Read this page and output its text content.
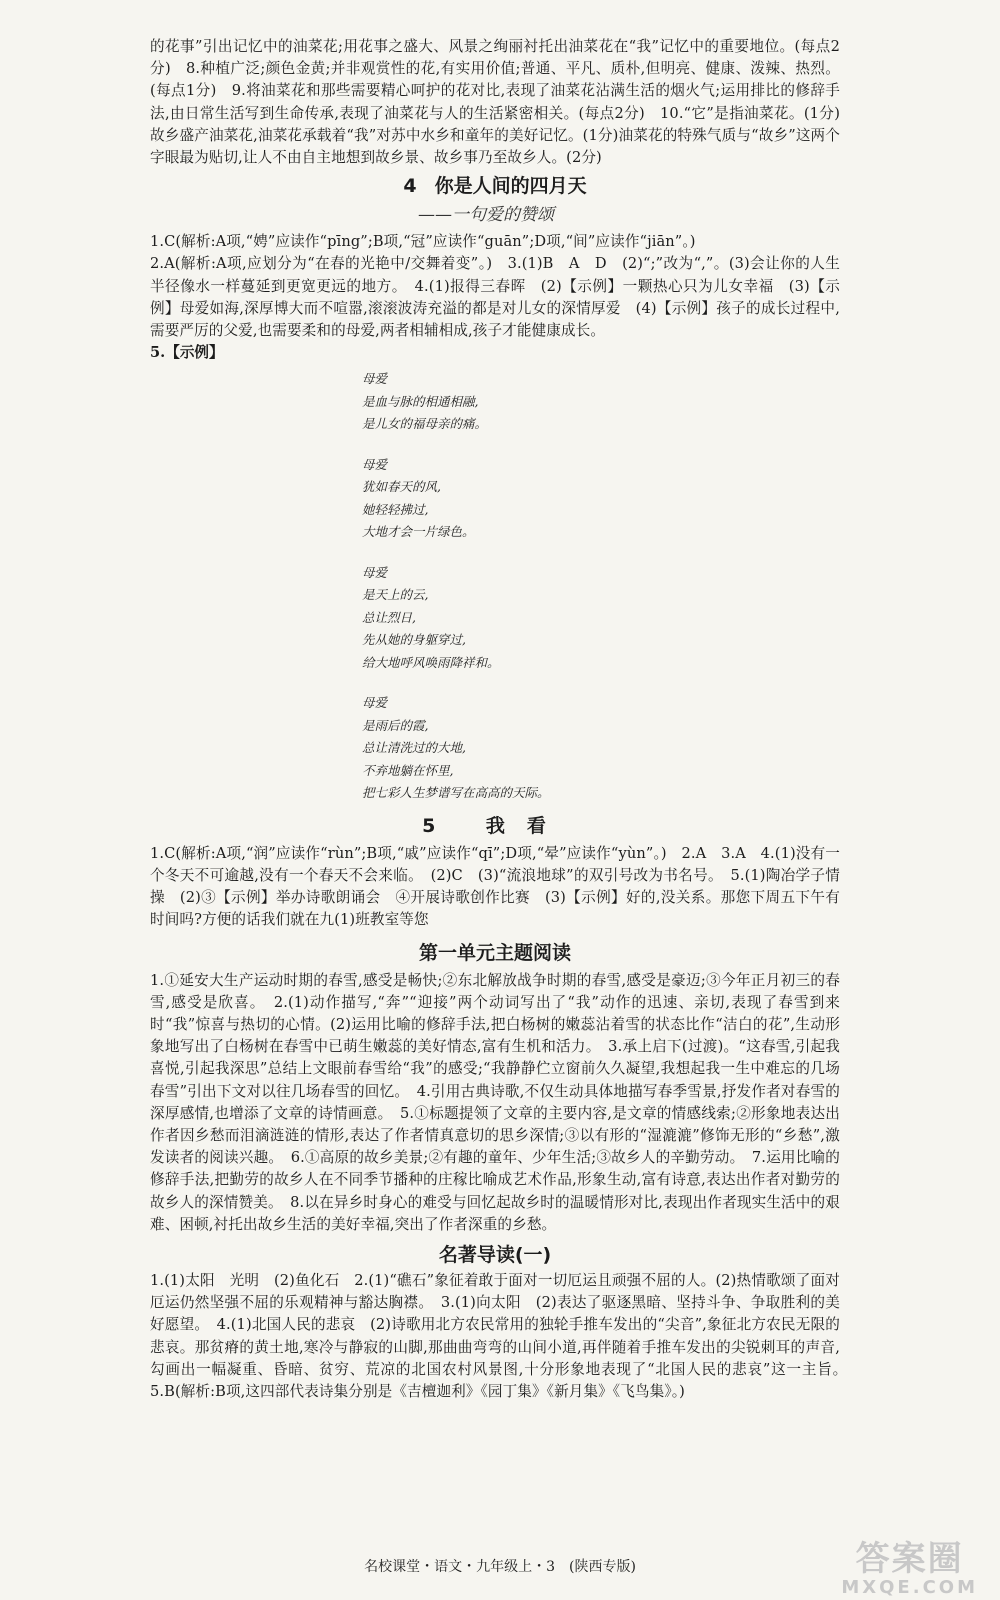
的花事”引出记忆中的油菜花;用花事之盛大、风景之绚丽衬托出油菜花在“我”记忆中的重要地位。(每点2分)　8.种植广泛;颜色金黄;并非观赏性的花,有实用价值;普通、平凡、质朴,但明亮、健康、泼辣、热烈。(每点1分)　9.将油菜花和那些需要精心呵护的花对比,表现了油菜花沾满生活的烟火气;运用排比的修辞手法,由日常生活写到生命传承,表现了油菜花与人的生活紧密相关。(每点2分)　10.“它”是指油菜花。(1分)故乡盛产油菜花,油菜花承载着“我”对苏中水乡和童年的美好记忆。(1分)油菜花的特殊气质与“故乡”这两个字眼最为贴切,让人不由自主地想到故乡景、故乡事乃至故乡人。(2分)

4 你是人间的四月天
——一句爱的赞颂

1.C(解析:A项,“娉”应读作“pīng”;B项,“冠”应读作“guān”;D项,“间”应读作“jiān”。)

2.A(解析:A项,应划分为“在春的光艳中/交舞着变”。)　3.(1)B　A　D　(2)“;”改为“,”。(3)会让你的人生半径像水一样蔓延到更宽更远的地方。　4.(1)报得三春晖　(2)【示例】一颗热心只为儿女幸福　(3)【示例】母爱如海,深厚博大而不喧嚣,滚滚波涛充溢的都是对儿女的深情厚爱　(4)【示例】孩子的成长过程中,需要严厉的父爱,也需要柔和的母爱,两者相辅相成,孩子才能健康成长。

5.【示例】

母爱
是血与脉的相通相融,
是儿女的福母亲的痛。
母爱
犹如春天的风,
她轻轻拂过,
大地才会一片绿色。
母爱
是天上的云,
总让烈日,
先从她的身躯穿过,
给大地呼风唤雨降祥和。
母爱
是雨后的霞,
总让清洗过的大地,
不弃地躺在怀里,
把七彩人生梦谱写在高高的天际。
5 我看

1.C(解析:A项,“润”应读作“rùn”;B项,“戚”应读作“qī”;D项,“晕”应读作“yùn”。)　2.A　3.A　4.(1)没有一个冬天不可逾越,没有一个春天不会来临。　(2)C　(3)“流浪地球”的双引号改为书名号。　5.(1)陶冶学子情操　(2)③【示例】举办诗歌朗诵会　④开展诗歌创作比赛　(3)【示例】好的,没关系。那您下周五下午有时间吗?方便的话我们就在九(1)班教室等您

第一单元主题阅读

1.①延安大生产运动时期的春雪,感受是畅快;②东北解放战争时期的春雪,感受是豪迈;③今年正月初三的春雪,感受是欣喜。　2.(1)动作描写,“奔”“迎接”两个动词写出了“我”动作的迅速、亲切,表现了春雪到来时“我”惊喜与热切的心情。(2)运用比喻的修辞手法,把白杨树的嫩蕊沾着雪的状态比作“洁白的花”,生动形象地写出了白杨树在春雪中已萌生嫩蕊的美好情态,富有生机和活力。　3.承上启下(过渡)。“这春雪,引起我喜悦,引起我深思”总结上文眼前春雪给“我”的感受;“我静静伫立窗前久久凝望,我想起我一生中难忘的几场春雪”引出下文对以往几场春雪的回忆。　4.引用古典诗歌,不仅生动具体地描写春季雪景,抒发作者对春雪的深厚感情,也增添了文章的诗情画意。　5.①标题提领了文章的主要内容,是文章的情感线索;②形象地表达出作者因乡愁而泪滴涟涟的情形,表达了作者情真意切的思乡深情;③以有形的“湿漉漉”修饰无形的“乡愁”,激发读者的阅读兴趣。　6.①高原的故乡美景;②有趣的童年、少年生活;③故乡人的辛勤劳动。　7.运用比喻的修辞手法,把勤劳的故乡人在不同季节播种的庄稼比喻成艺术作品,形象生动,富有诗意,表达出作者对勤劳的故乡人的深情赞美。　8.以在异乡时身心的难受与回忆起故乡时的温暖情形对比,表现出作者现实生活中的艰难、困顿,衬托出故乡生活的美好幸福,突出了作者深重的乡愁。

名著导读(一)

1.(1)太阳　光明　(2)鱼化石　2.(1)“礁石”象征着敢于面对一切厄运且顽强不屈的人。(2)热情歌颂了面对厄运仍然坚强不屈的乐观精神与豁达胸襟。　3.(1)向太阳　(2)表达了驱逐黑暗、坚持斗争、争取胜利的美好愿望。　4.(1)北国人民的悲哀　(2)诗歌用北方农民常用的独轮手推车发出的“尖音”,象征北方农民无限的悲哀。那贫瘠的黄土地,寒冷与静寂的山脚,那曲曲弯弯的山间小道,再伴随着手推车发出的尖锐刺耳的声音,勾画出一幅凝重、昏暗、贫穷、荒凉的北国农村风景图,十分形象地表现了“北国人民的悲哀”这一主旨。　5.B(解析:B项,这四部代表诗集分别是《吉檀迦利》《园丁集》《新月集》《飞鸟集》。)

名校课堂・语文・九年级上・3　(陕西专版)	答案圈
MXQE.COM
